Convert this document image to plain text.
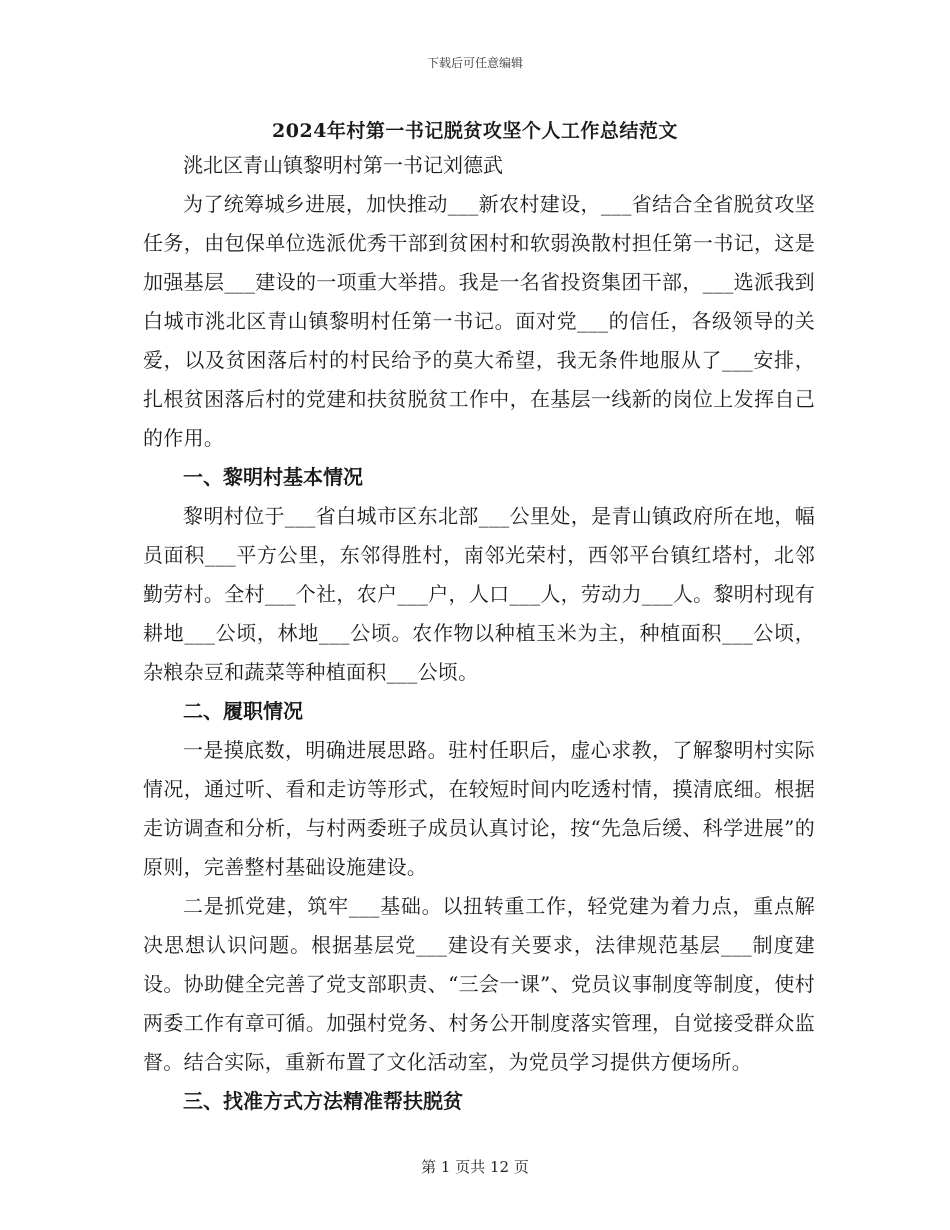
下载后可任意编辑
2024年村第一书记脱贫攻坚个人工作总结范文

洮北区青山镇黎明村第一书记刘德武

为了统筹城乡进展，加快推动___新农村建设，___省结合全省脱贫攻坚任务，由包保单位选派优秀干部到贫困村和软弱涣散村担任第一书记，这是加强基层___建设的一项重大举措。我是一名省投资集团干部，___选派我到白城市洮北区青山镇黎明村任第一书记。面对党___的信任，各级领导的关爱，以及贫困落后村的村民给予的莫大希望，我无条件地服从了___安排，扎根贫困落后村的党建和扶贫脱贫工作中，在基层一线新的岗位上发挥自己的作用。

一、黎明村基本情况

黎明村位于___省白城市区东北部___公里处，是青山镇政府所在地，幅员面积___平方公里，东邻得胜村，南邻光荣村，西邻平台镇红塔村，北邻勤劳村。全村___个社，农户___户，人口___人，劳动力___人。黎明村现有耕地___公顷，林地___公顷。农作物以种植玉米为主，种植面积___公顷，杂粮杂豆和蔬菜等种植面积___公顷。

二、履职情况

一是摸底数，明确进展思路。驻村任职后，虚心求教，了解黎明村实际情况，通过听、看和走访等形式，在较短时间内吃透村情，摸清底细。根据走访调查和分析，与村两委班子成员认真讨论，按“先急后缓、科学进展”的原则，完善整村基础设施建设。

二是抓党建，筑牢___基础。以扭转重工作，轻党建为着力点，重点解决思想认识问题。根据基层党___建设有关要求，法律规范基层___制度建设。协助健全完善了党支部职责、“三会一课”、党员议事制度等制度，使村两委工作有章可循。加强村党务、村务公开制度落实管理，自觉接受群众监督。结合实际，重新布置了文化活动室，为党员学习提供方便场所。

三、找准方式方法精准帮扶脱贫

第 1 页共 12 页
